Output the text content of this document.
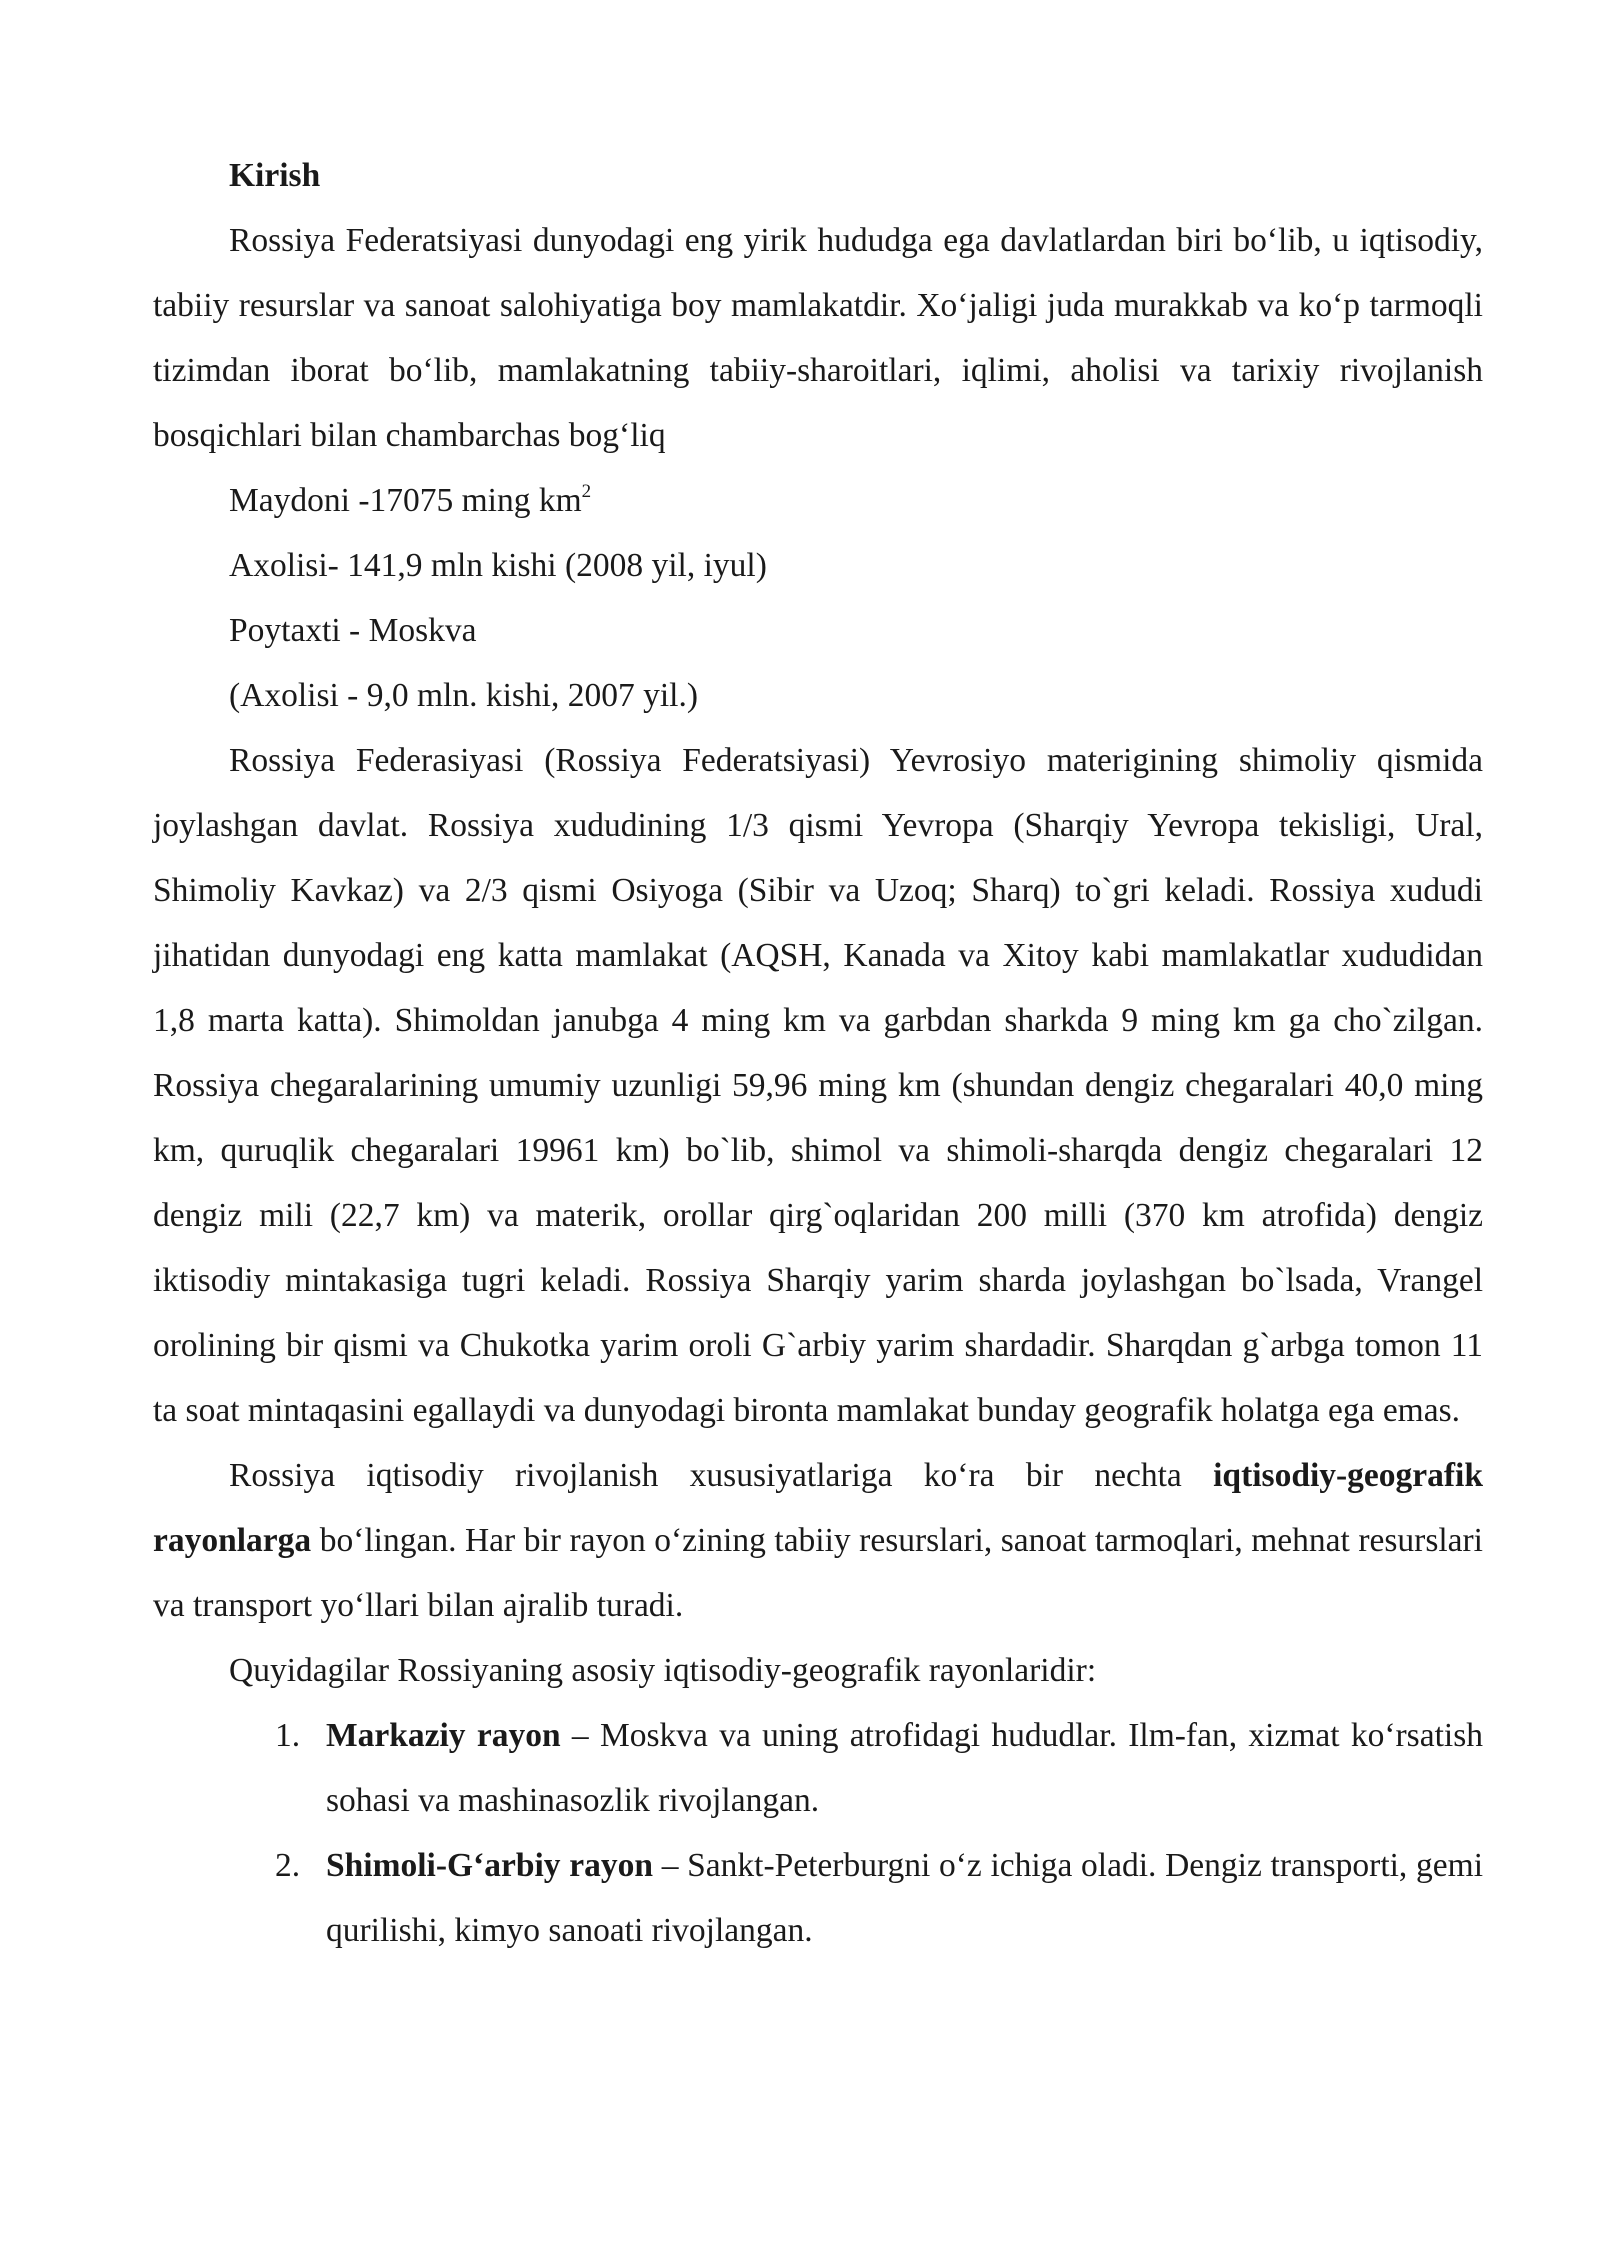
Kirish

Rossiya Federatsiyasi dunyodagi eng yirik hududga ega davlatlardan biri bo‘lib, u iqtisodiy, tabiiy resurslar va sanoat salohiyatiga boy mamlakatdir. Xo‘jaligi juda murakkab va ko‘p tarmoqli tizimdan iborat bo‘lib, mamlakatning tabiiy-sharoitlari, iqlimi, aholisi va tarixiy rivojlanish bosqichlari bilan chambarchas bog‘liq

Maydoni -17075 ming $km^2$

Axolisi- 141,9 mln kishi (2008 yil, iyul)

Poytaxti - Moskva

(Axolisi - 9,0 mln. kishi, 2007 yil.)

Rossiya Federasiyasi (Rossiya Federatsiyasi) Yevrosiyo materigining shimoliy qismida joylashgan davlat. Rossiya xududining 1/3 qismi Yevropa (Sharqiy Yevropa tekisligi, Ural, Shimoliy Kavkaz) va 2/3 qismi Osiyoga (Sibir va Uzoq; Sharq) to`gri keladi. Rossiya xududi jihatidan dunyodagi eng katta mamlakat (AQSH, Kanada va Xitoy kabi mamlakatlar xududidan 1,8 marta katta). Shimoldan janubga 4 ming km va garbdan sharkda 9 ming km ga cho`zilgan. Rossiya chegaralarining umumiy uzunligi 59,96 ming km (shundan dengiz chegaralari 40,0 ming km, quruqlik chegaralari 19961 km) bo`lib, shimol va shimoli-sharqda dengiz chegaralari 12 dengiz mili (22,7 km) va materik, orollar qirg`oqlaridan 200 milli (370 km atrofida) dengiz iktisodiy mintakasiga tugri keladi. Rossiya Sharqiy yarim sharda joylashgan bo`lsada, Vrangel orolining bir qismi va Chukotka yarim oroli G`arbiy yarim shardadir. Sharqdan g`arbga tomon 11 ta soat mintaqasini egallaydi va dunyodagi bironta mamlakat bunday geografik holatga ega emas.

Rossiya iqtisodiy rivojlanish xususiyatlariga ko‘ra bir nechta iqtisodiy-geografik rayonlarga bo‘lingan. Har bir rayon o‘zining tabiiy resurslari, sanoat tarmoqlari, mehnat resurslari va transport yo‘llari bilan ajralib turadi.

Quyidagilar Rossiyaning asosiy iqtisodiy-geografik rayonlaridir:

1. Markaziy rayon – Moskva va uning atrofidagi hududlar. Ilm-fan, xizmat ko‘rsatish sohasi va mashinasozlik rivojlangan.
2. Shimoli-G‘arbiy rayon – Sankt-Peterburgni o‘z ichiga oladi. Dengiz transporti, gemi qurilishi, kimyo sanoati rivojlangan.
